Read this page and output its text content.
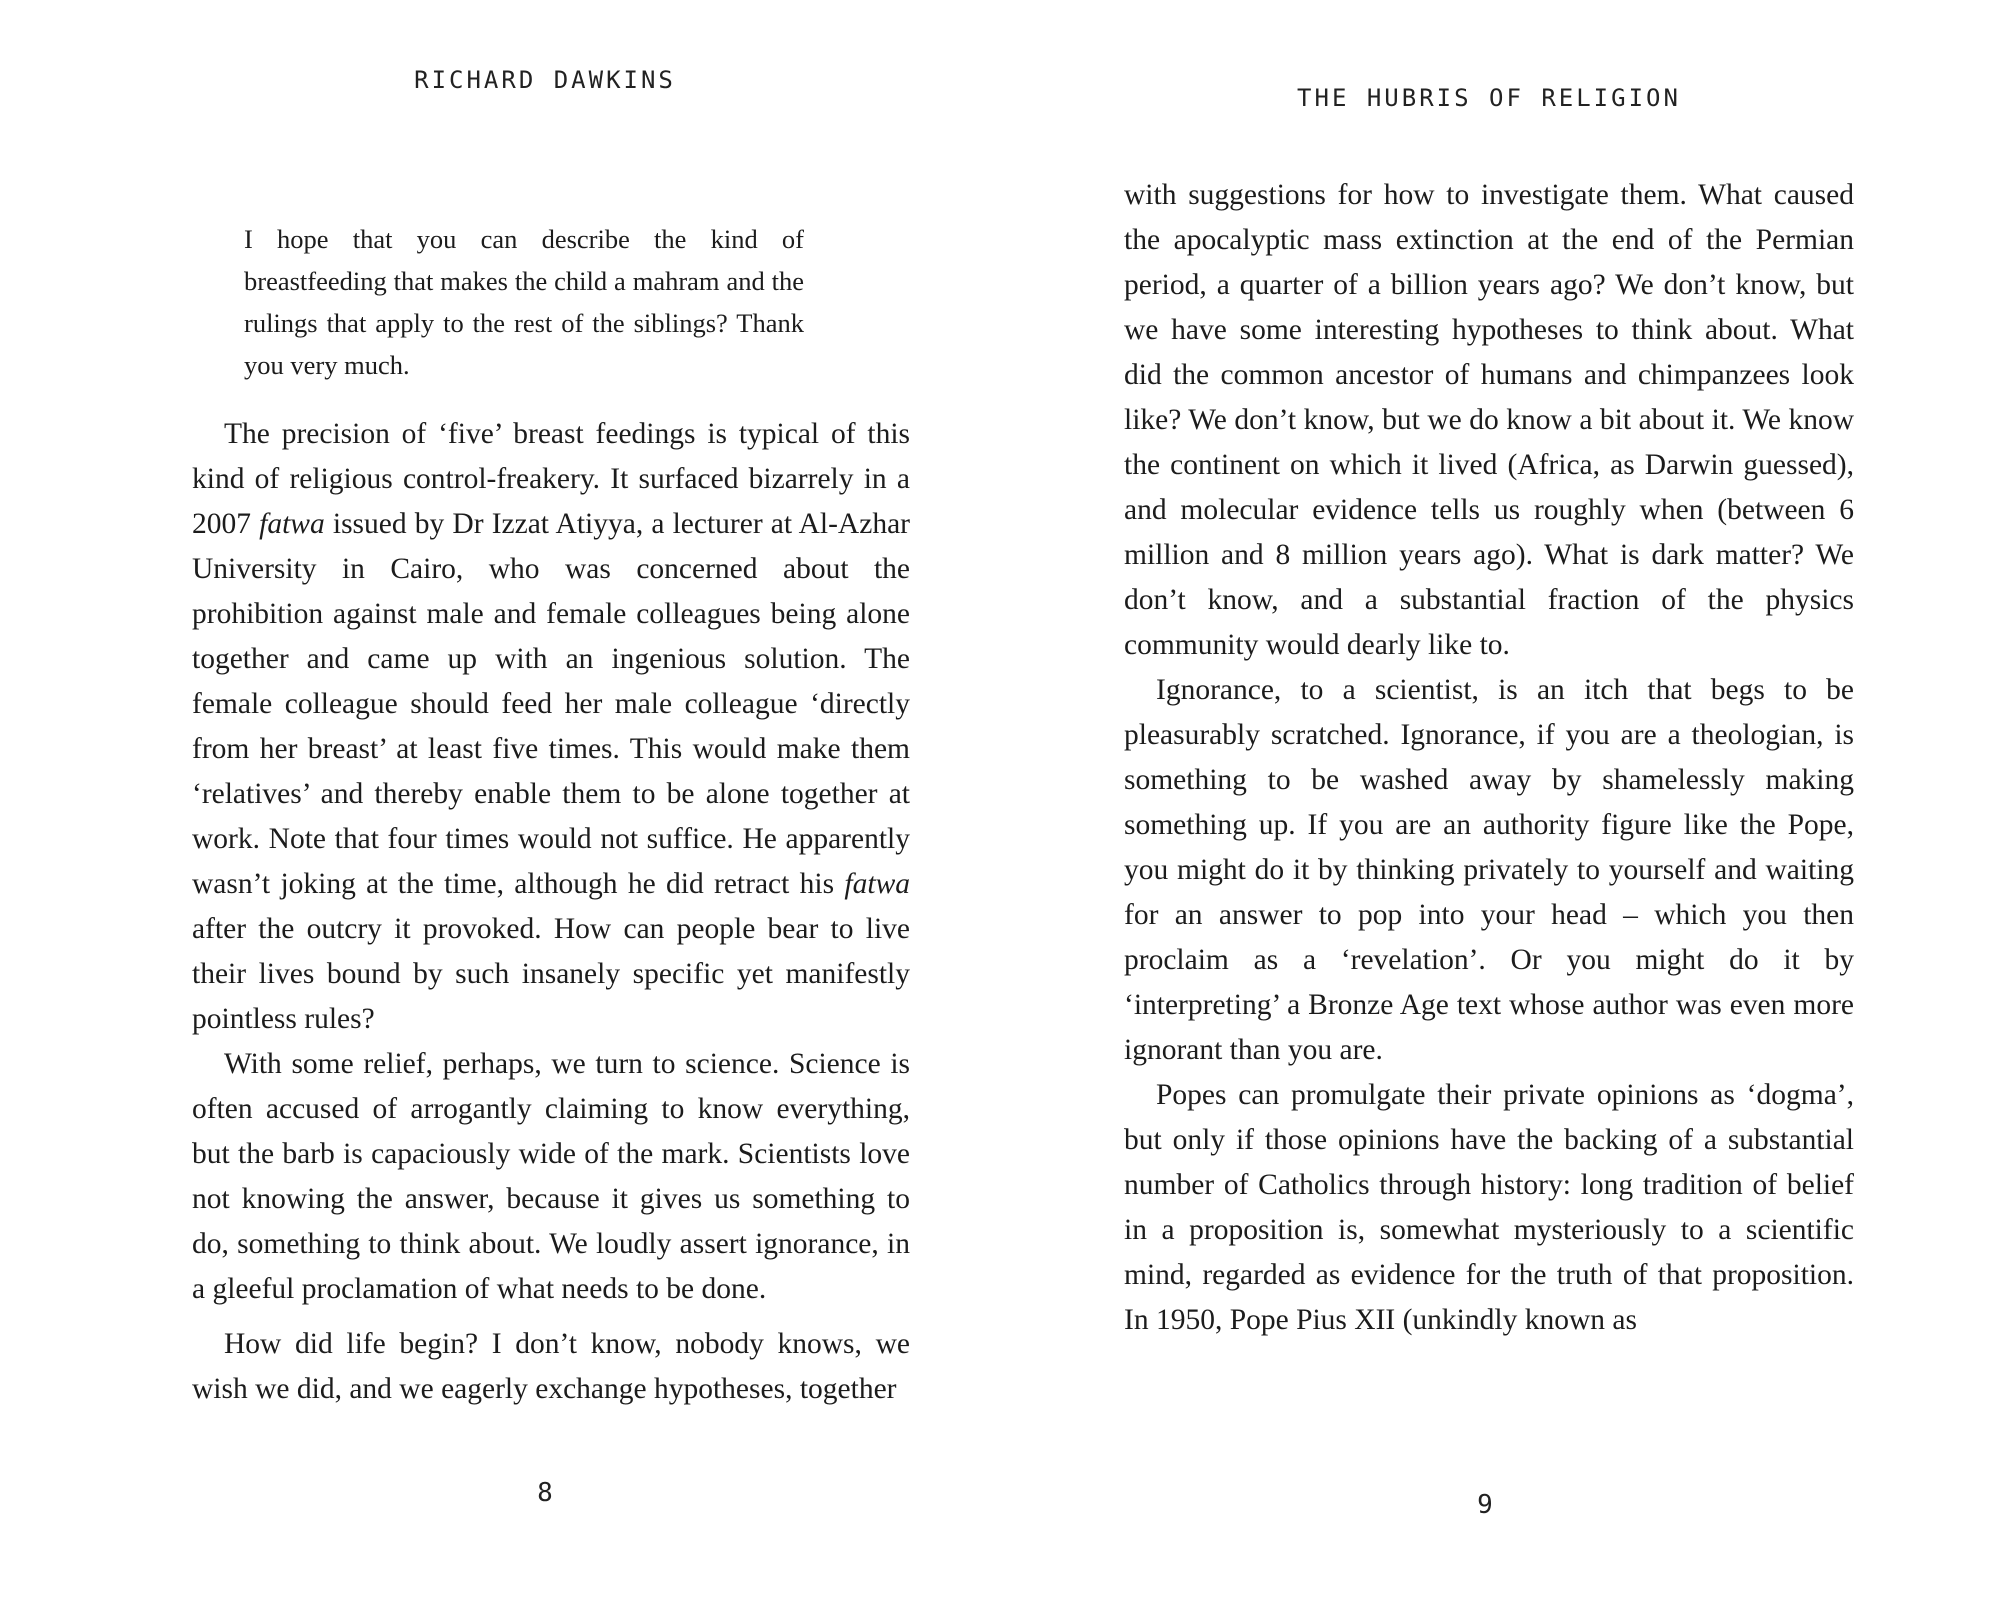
RICHARD DAWKINS

I hope that you can describe the kind of breastfeeding that makes the child a mahram and the rulings that apply to the rest of the siblings? Thank you very much.

The precision of ‘five’ breast feedings is typical of this kind of religious control-freakery. It surfaced bizarrely in a 2007 fatwa issued by Dr Izzat Atiyya, a lecturer at Al-Azhar University in Cairo, who was concerned about the prohibition against male and female colleagues being alone together and came up with an ingenious solution. The female colleague should feed her male colleague ‘directly from her breast’ at least five times. This would make them ‘relatives’ and thereby enable them to be alone together at work. Note that four times would not suffice. He apparently wasn’t joking at the time, although he did retract his fatwa after the outcry it provoked. How can people bear to live their lives bound by such insanely specific yet manifestly pointless rules?

With some relief, perhaps, we turn to science. Science is often accused of arrogantly claiming to know everything, but the barb is capaciously wide of the mark. Scientists love not knowing the answer, because it gives us something to do, something to think about. We loudly assert ignorance, in a gleeful proclamation of what needs to be done.

How did life begin? I don’t know, nobody knows, we wish we did, and we eagerly exchange hypotheses, together

8
THE HUBRIS OF RELIGION

with suggestions for how to investigate them. What caused the apocalyptic mass extinction at the end of the Permian period, a quarter of a billion years ago? We don’t know, but we have some interesting hypotheses to think about. What did the common ancestor of humans and chimpanzees look like? We don’t know, but we do know a bit about it. We know the continent on which it lived (Africa, as Darwin guessed), and molecular evidence tells us roughly when (between 6 million and 8 million years ago). What is dark matter? We don’t know, and a substantial fraction of the physics community would dearly like to.

Ignorance, to a scientist, is an itch that begs to be pleasurably scratched. Ignorance, if you are a theologian, is something to be washed away by shamelessly making something up. If you are an authority figure like the Pope, you might do it by thinking privately to yourself and waiting for an answer to pop into your head – which you then proclaim as a ‘revelation’. Or you might do it by ‘interpreting’ a Bronze Age text whose author was even more ignorant than you are.

Popes can promulgate their private opinions as ‘dogma’, but only if those opinions have the backing of a substantial number of Catholics through history: long tradition of belief in a proposition is, somewhat mysteriously to a scientific mind, regarded as evidence for the truth of that proposition. In 1950, Pope Pius XII (unkindly known as

9
